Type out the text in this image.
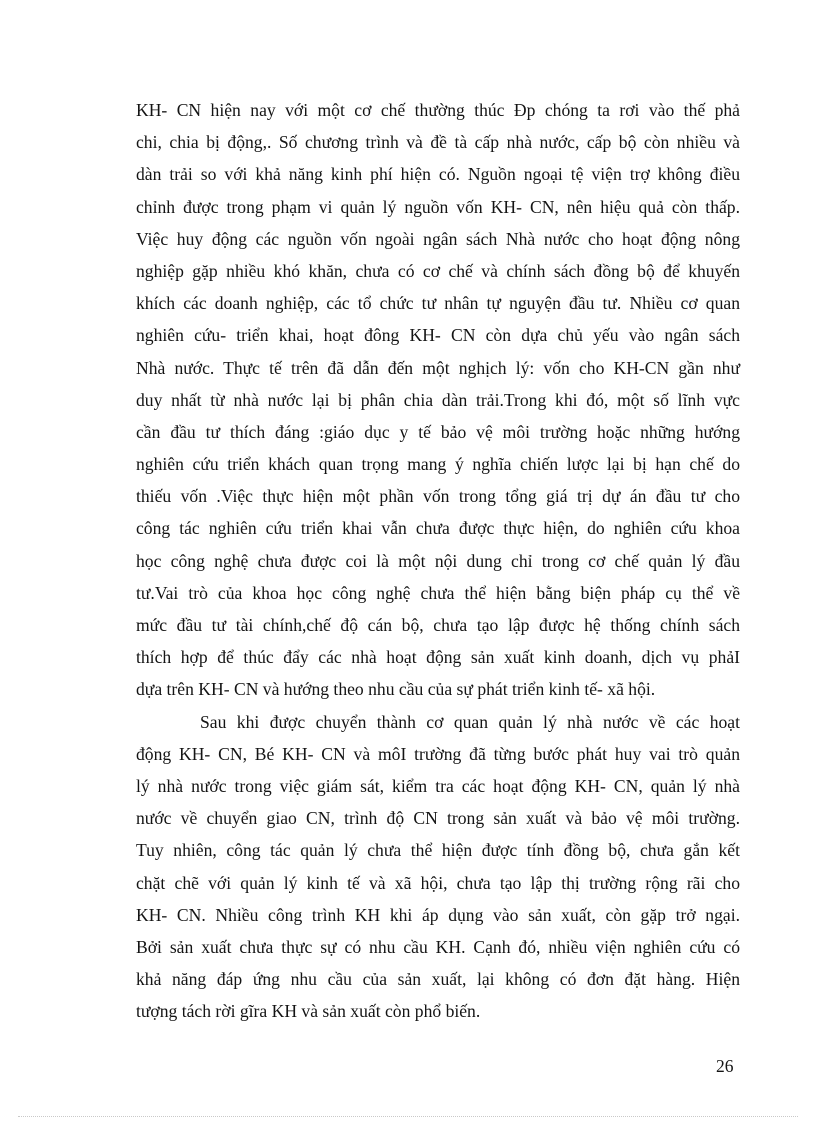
KH- CN hiện nay với một cơ chế thường thúc Đp chóng ta rơi vào thế phả
chi, chia bị động,. Số chương trình và đề tà cấp nhà nước, cấp bộ còn nhiều và
dàn trải so với khả năng kinh phí hiện có. Nguồn ngoại tệ viện trợ không điều
chỉnh được trong phạm vi quản lý nguồn vốn KH- CN, nên hiệu quả còn thấp.
Việc huy động các nguồn vốn ngoài ngân sách Nhà nước cho hoạt động nông
nghiệp gặp nhiều khó khăn, chưa có cơ chế và chính sách đồng bộ để khuyến
khích các doanh nghiệp, các tổ chức tư nhân tự nguyện đầu tư. Nhiều cơ quan
nghiên cứu- triển khai, hoạt đông KH- CN còn dựa chủ yếu vào ngân sách
Nhà nước. Thực tế trên đã dẫn đến một nghịch lý: vốn cho KH-CN gần như
duy nhất từ nhà nước lại bị phân chia dàn trải.Trong khi đó, một số lĩnh vực
cần đầu tư thích đáng :giáo dục y tế bảo vệ môi trường hoặc những hướng
nghiên cứu triển khách quan trọng mang ý nghĩa chiến lược lại bị hạn chế do
thiếu vốn .Việc thực hiện một phần vốn trong tổng giá trị dự án đầu tư cho
công tác nghiên cứu triển khai vẫn chưa được thực hiện, do nghiên cứu khoa
học công nghệ chưa được coi là một nội dung chỉ trong cơ chế quản lý đầu
tư.Vai trò của khoa học công nghệ chưa thể hiện bằng biện pháp cụ thể về
mức đầu tư tài chính,chế độ cán bộ, chưa tạo lập được hệ thống chính sách
thích hợp để thúc đẩy các nhà hoạt động sản xuất kinh doanh, dịch vụ phảI
dựa trên KH- CN và hướng theo nhu cầu của sự phát triển kinh tế- xã hội.
Sau khi được chuyển thành cơ quan quản lý nhà nước về các hoạt
động KH- CN, Bé KH- CN và môI trường đã từng bước phát huy vai trò quản
lý nhà nước trong việc giám sát, kiểm tra các hoạt động KH- CN, quản lý nhà
nước về chuyển giao CN, trình độ CN trong sản xuất và bảo vệ môi trường.
Tuy nhiên, công tác quản lý chưa thể hiện được tính đồng bộ, chưa gắn kết
chặt chẽ với quản lý kinh tế và xã hội, chưa tạo lập thị trường rộng rãi cho
KH- CN. Nhiều công trình KH khi áp dụng vào sản xuất, còn gặp trở ngại.
Bởi sản xuất chưa thực sự có nhu cầu KH. Cạnh đó, nhiều viện nghiên cứu có
khả năng đáp ứng nhu cầu của sản xuất, lại không có đơn đặt hàng. Hiện
tượng tách rời gĩra KH và sản xuất còn phổ biến.
26
